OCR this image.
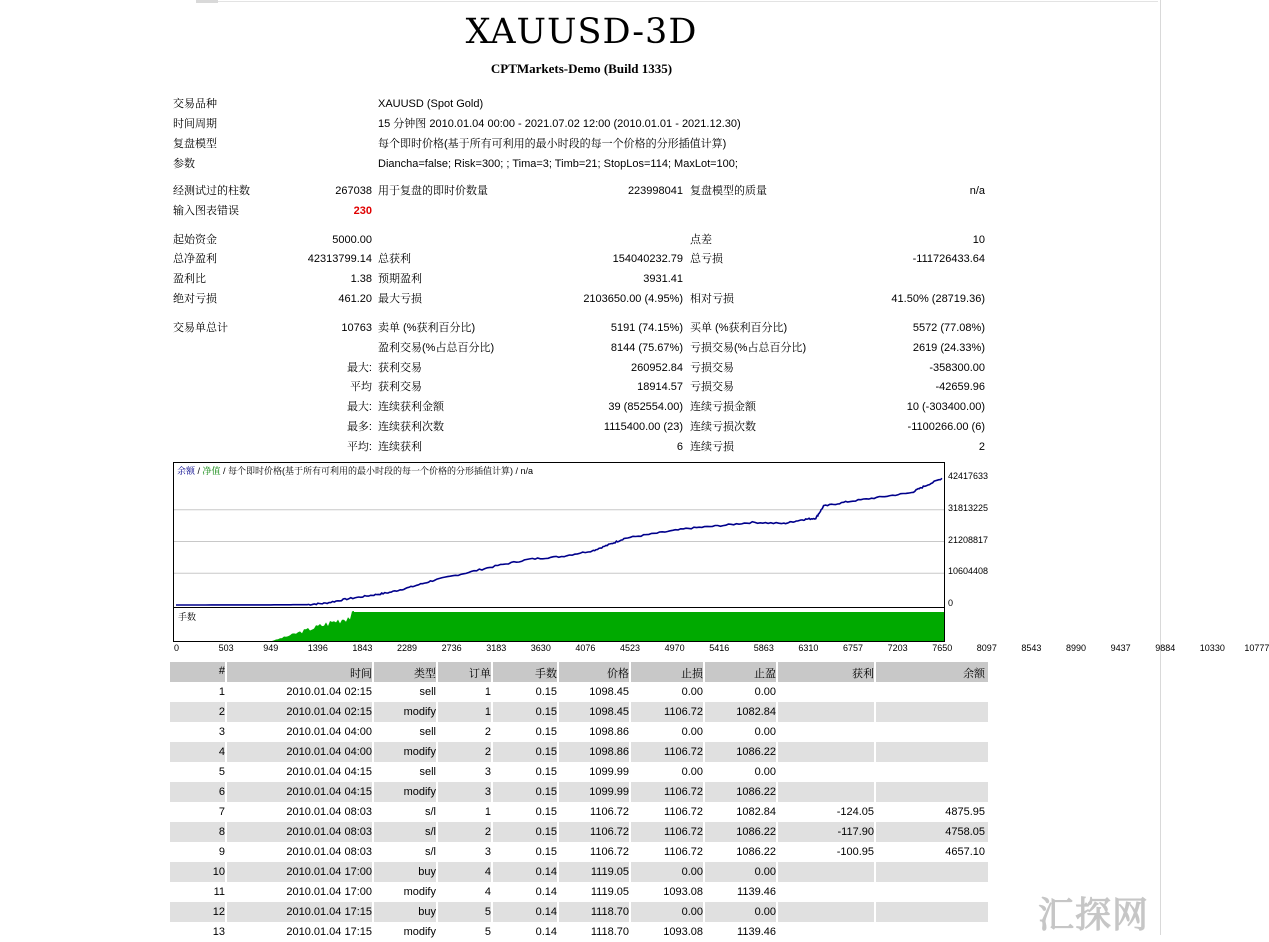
XAUUSD-3D
CPTMarkets-Demo (Build 1335)
交易品种	XAUUSD (Spot Gold)
时间周期	15 分钟图 2010.01.04 00:00 - 2021.07.02 12:00 (2010.01.01 - 2021.12.30)
复盘模型	每个即时价格(基于所有可利用的最小时段的每一个价格的分形插值计算)
参数	Diancha=false; Risk=300; ; Tima=3; Timb=21; StopLos=114; MaxLot=100;
经测试过的柱数	267038 用于复盘的即时价数量	223998041 复盘模型的质量	n/a
输入图表错误	230
起始资金	5000.00	点差	10
总净盈利	42313799.14 总获利	154040232.79 总亏损	-111726433.64
盈利比	1.38 预期盈利	3931.41
绝对亏损	461.20 最大亏损	2103650.00 (4.95%) 相对亏损	41.50% (28719.36)
交易单总计	10763 卖单 (%获利百分比)	5191 (74.15%) 买单 (%获利百分比)	5572 (77.08%)
盈利交易(%占总百分比)	8144 (75.67%) 亏损交易(%占总百分比)	2619 (24.33%)
最大: 获利交易	260952.84 亏损交易	-358300.00
平均 获利交易	18914.57 亏损交易	-42659.96
最大: 连续获利金额	39 (852554.00) 连续亏损金额	10 (-303400.00)
最多: 连续获利次数	1115400.00 (23) 连续亏损次数	-1100266.00 (6)
平均: 连续获利	6 连续亏损	2
余额 / 净值 / 每个即时价格(基于所有可利用的最小时段的每一个价格的分形插值计算) / n/a	42417633
31813225
21208817
10604408
0
手数
0	503	949	1396	1843	2289	2736	3183	3630	4076	4523	4970	5416	5863	6310	6757	7203	7650	8097	8543	8990	9437	9884	10330 10777
#	时间	类型	订单	手数	价格	止损	止盈	获利	余额
1	2010.01.04 02:15	sell	1	0.15	1098.45	0.00	0.00
2	2010.01.04 02:15	modify	1	0.15	1098.45	1106.72	1082.84
3	2010.01.04 04:00	sell	2	0.15	1098.86	0.00	0.00
4	2010.01.04 04:00	modify	2	0.15	1098.86	1106.72	1086.22
5	2010.01.04 04:15	sell	3	0.15	1099.99	0.00	0.00
6	2010.01.04 04:15	modify	3	0.15	1099.99	1106.72	1086.22
7	2010.01.04 08:03	s/l	1	0.15	1106.72	1106.72	1082.84	-124.05	4875.95
8	2010.01.04 08:03	s/l	2	0.15	1106.72	1106.72	1086.22	-117.90	4758.05
9	2010.01.04 08:03	s/l	3	0.15	1106.72	1106.72	1086.22	-100.95	4657.10
10	2010.01.04 17:00	buy	4	0.14	1119.05	0.00	0.00
11	2010.01.04 17:00	modify	4	0.14	1119.05	1093.08	1139.46
12	2010.01.04 17:15	buy	5	0.14	1118.70	0.00	0.00
13	2010.01.04 17:15	modify	5	0.14	1118.70	1093.08	1139.46	汇探网
